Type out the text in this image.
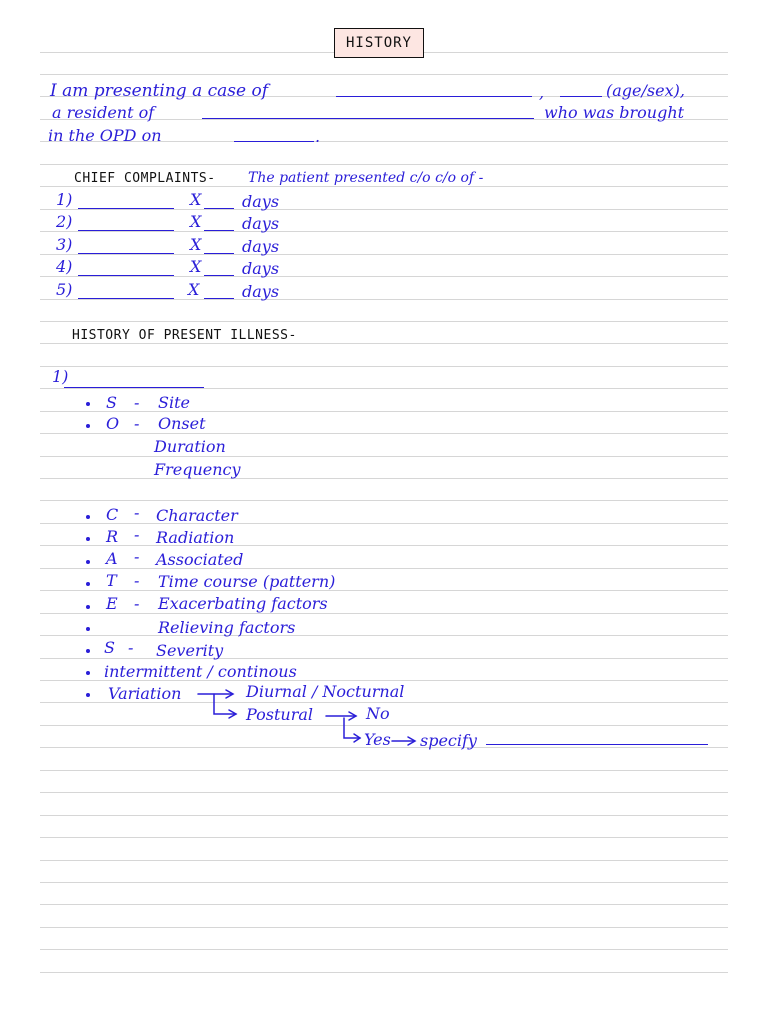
HISTORY
I am presenting a case of	,	(age/sex),
a resident of	who was brought
in the OPD on	.
CHIEF COMPLAINTS- The patient presented c/o c/o of -
1)	X	days
2)	X	days
3)	X	days
4)	X	days
5)	X	days
HISTORY OF PRESENT ILLNESS-
1)
S - Site
O - Onset
Duration
Frequency
C - Character
R - Radiation
A - Associated
T - Time course (pattern)
E - Exacerbating factors
Relieving factors
S - Severity
intermittent / continous
Variation	Diurnal / Nocturnal
Postural	No
Yes specify
